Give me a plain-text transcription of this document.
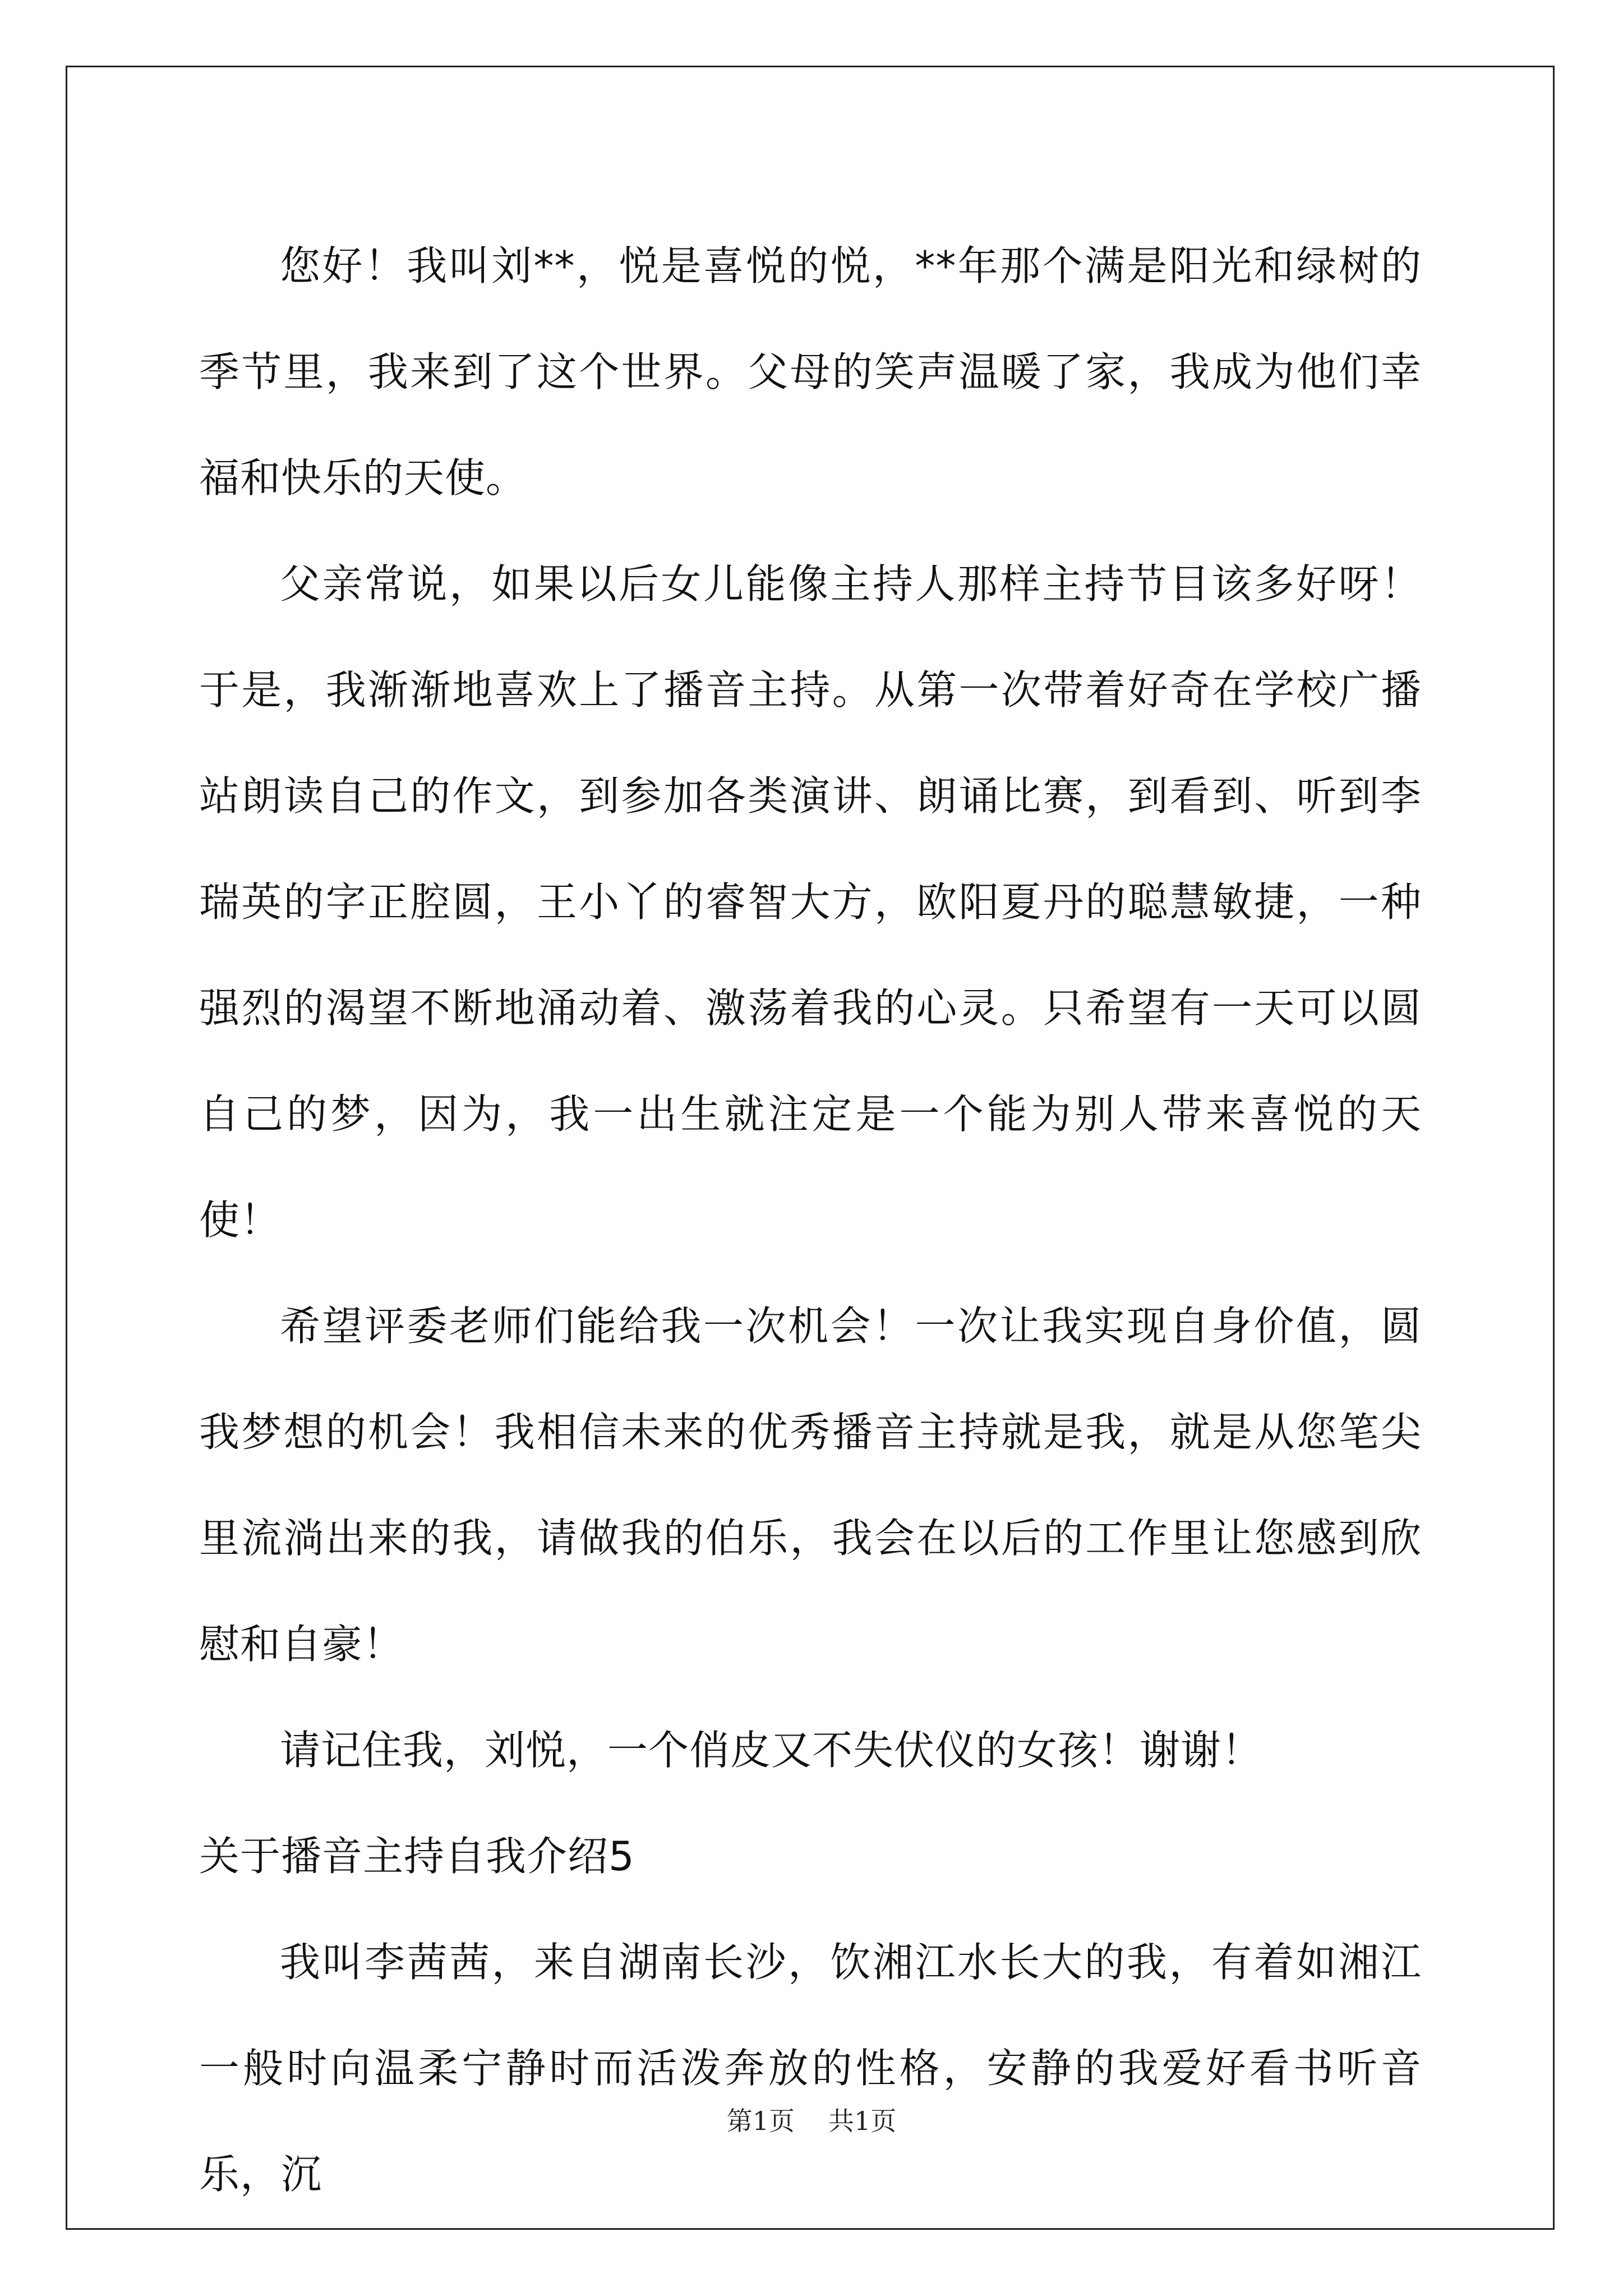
您好！我叫刘**，悦是喜悦的悦，**年那个满是阳光和绿树的季节里，我来到了这个世界。父母的笑声温暖了家，我成为他们幸福和快乐的天使。

父亲常说，如果以后女儿能像主持人那样主持节目该多好呀！于是，我渐渐地喜欢上了播音主持。从第一次带着好奇在学校广播站朗读自己的作文，到参加各类演讲、朗诵比赛，到看到、听到李瑞英的字正腔圆，王小丫的睿智大方，欧阳夏丹的聪慧敏捷，一种强烈的渴望不断地涌动着、激荡着我的心灵。只希望有一天可以圆自己的梦，因为，我一出生就注定是一个能为别人带来喜悦的天使！

希望评委老师们能给我一次机会！一次让我实现自身价值，圆我梦想的机会！我相信未来的优秀播音主持就是我，就是从您笔尖里流淌出来的我，请做我的伯乐，我会在以后的工作里让您感到欣慰和自豪！

请记住我，刘悦，一个俏皮又不失伏仪的女孩！谢谢！

关于播音主持自我介绍5

我叫李茜茜，来自湖南长沙，饮湘江水长大的我，有着如湘江一般时向温柔宁静时而活泼奔放的性格，安静的我爱好看书听音乐，沉

第1页 共1页
